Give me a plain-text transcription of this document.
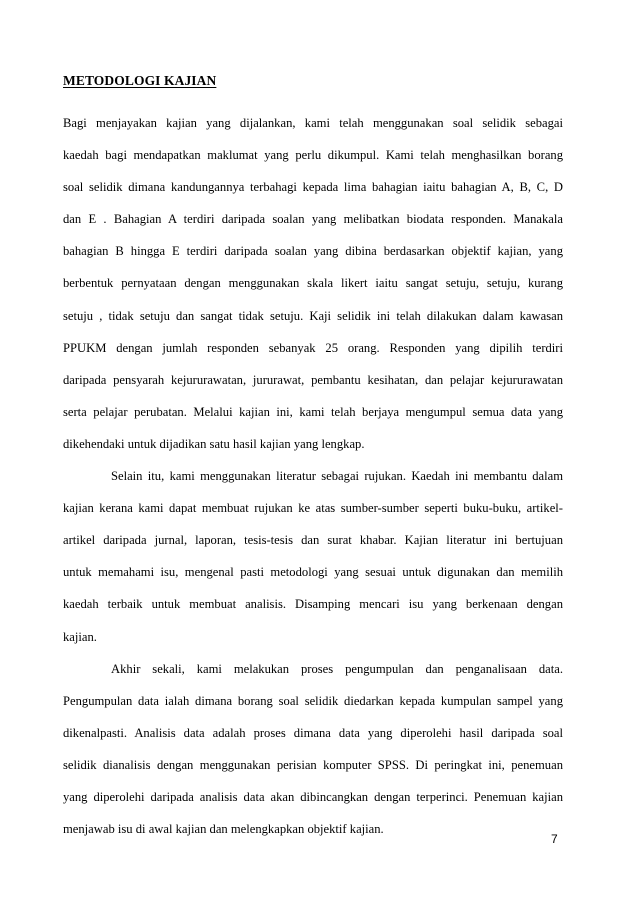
METODOLOGI KAJIAN
Bagi menjayakan kajian yang dijalankan, kami telah menggunakan soal selidik sebagai
kaedah bagi mendapatkan maklumat yang perlu dikumpul. Kami telah menghasilkan borang
soal selidik dimana kandungannya terbahagi kepada lima bahagian iaitu bahagian A, B, C, D
dan E . Bahagian A terdiri daripada soalan yang melibatkan biodata responden. Manakala
bahagian B hingga E terdiri daripada soalan yang dibina berdasarkan objektif kajian, yang
berbentuk pernyataan dengan menggunakan skala likert iaitu sangat setuju, setuju, kurang
setuju , tidak setuju dan sangat tidak setuju. Kaji selidik ini telah dilakukan dalam kawasan
PPUKM dengan jumlah responden sebanyak 25 orang. Responden yang dipilih terdiri
daripada pensyarah kejururawatan, jururawat, pembantu kesihatan, dan pelajar kejururawatan
serta pelajar perubatan. Melalui kajian ini, kami telah berjaya mengumpul semua data yang
dikehendaki untuk dijadikan satu hasil kajian yang lengkap.
Selain itu, kami menggunakan literatur sebagai rujukan. Kaedah ini membantu dalam
kajian kerana kami dapat membuat rujukan ke atas sumber-sumber seperti buku-buku, artikel-
artikel daripada jurnal, laporan, tesis-tesis dan surat khabar. Kajian literatur ini bertujuan
untuk memahami isu, mengenal pasti metodologi yang sesuai untuk digunakan dan memilih
kaedah terbaik untuk membuat analisis. Disamping mencari isu yang berkenaan dengan
kajian.
Akhir sekali, kami melakukan proses pengumpulan dan penganalisaan data.
Pengumpulan data ialah dimana borang soal selidik diedarkan kepada kumpulan sampel yang
dikenalpasti. Analisis data adalah proses dimana data yang diperolehi hasil daripada soal
selidik dianalisis dengan menggunakan perisian komputer SPSS. Di peringkat ini, penemuan
yang diperolehi daripada analisis data akan dibincangkan dengan terperinci. Penemuan kajian
menjawab isu di awal kajian dan melengkapkan objektif kajian.
7
